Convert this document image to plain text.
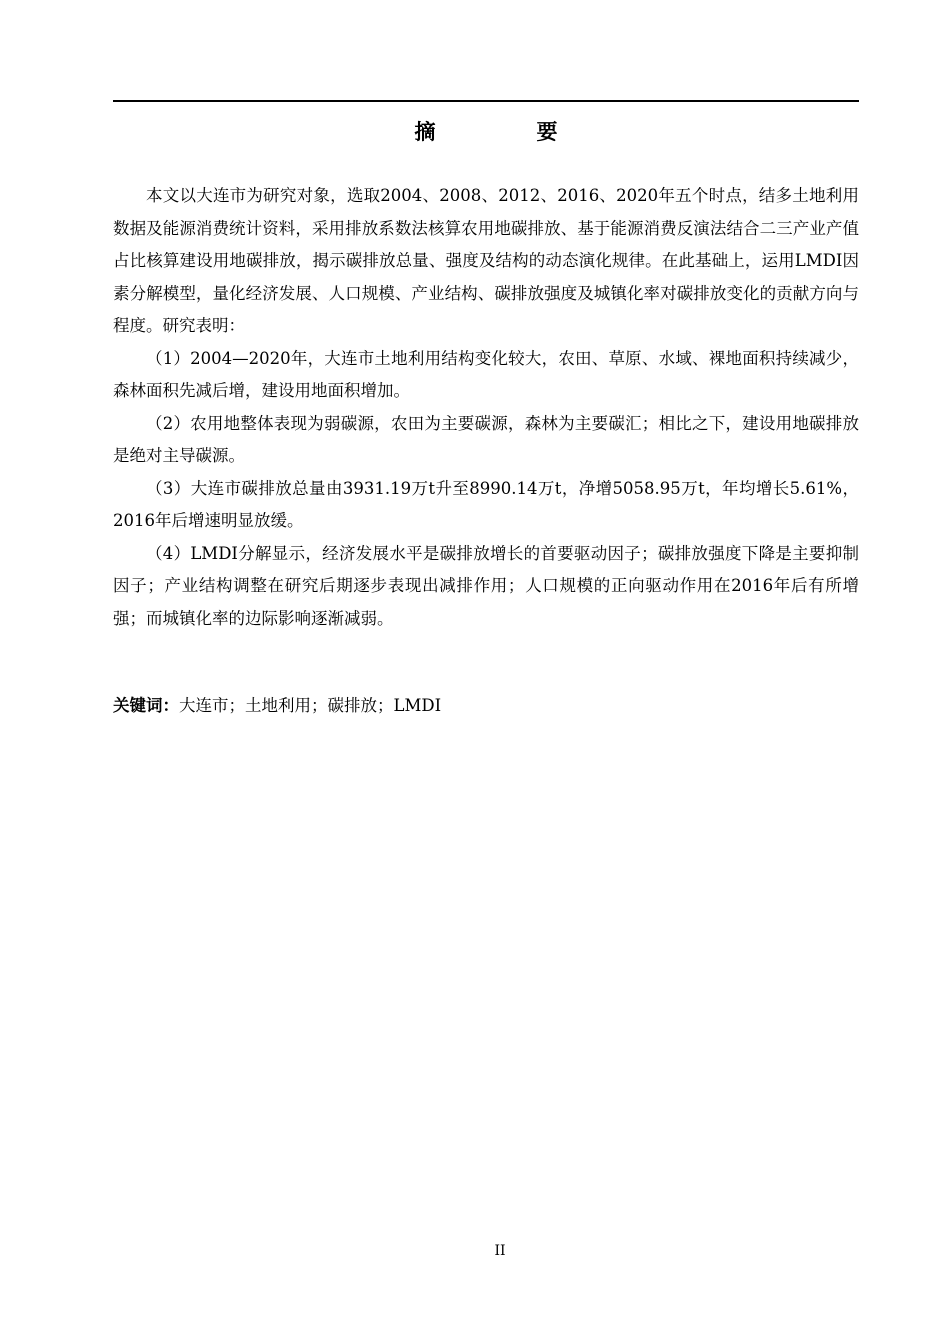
摘　要

本文以大连市为研究对象，选取2004、2008、2012、2016、2020年五个时点，结多土地利用数据及能源消费统计资料，采用排放系数法核算农用地碳排放、基于能源消费反演法结合二三产业产值占比核算建设用地碳排放，揭示碳排放总量、强度及结构的动态演化规律。在此基础上，运用LMDI因素分解模型，量化经济发展、人口规模、产业结构、碳排放强度及城镇化率对碳排放变化的贡献方向与程度。研究表明：

（1）2004—2020年，大连市土地利用结构变化较大，农田、草原、水域、裸地面积持续减少，森林面积先减后增，建设用地面积增加。

（2）农用地整体表现为弱碳源，农田为主要碳源，森林为主要碳汇；相比之下，建设用地碳排放是绝对主导碳源。

（3）大连市碳排放总量由3931.19万t升至8990.14万t，净增5058.95万t，年均增长5.61%，2016年后增速明显放缓。

（4）LMDI分解显示，经济发展水平是碳排放增长的首要驱动因子；碳排放强度下降是主要抑制因子；产业结构调整在研究后期逐步表现出减排作用；人口规模的正向驱动作用在2016年后有所增强；而城镇化率的边际影响逐渐减弱。

关键词：大连市；土地利用；碳排放；LMDI
II
